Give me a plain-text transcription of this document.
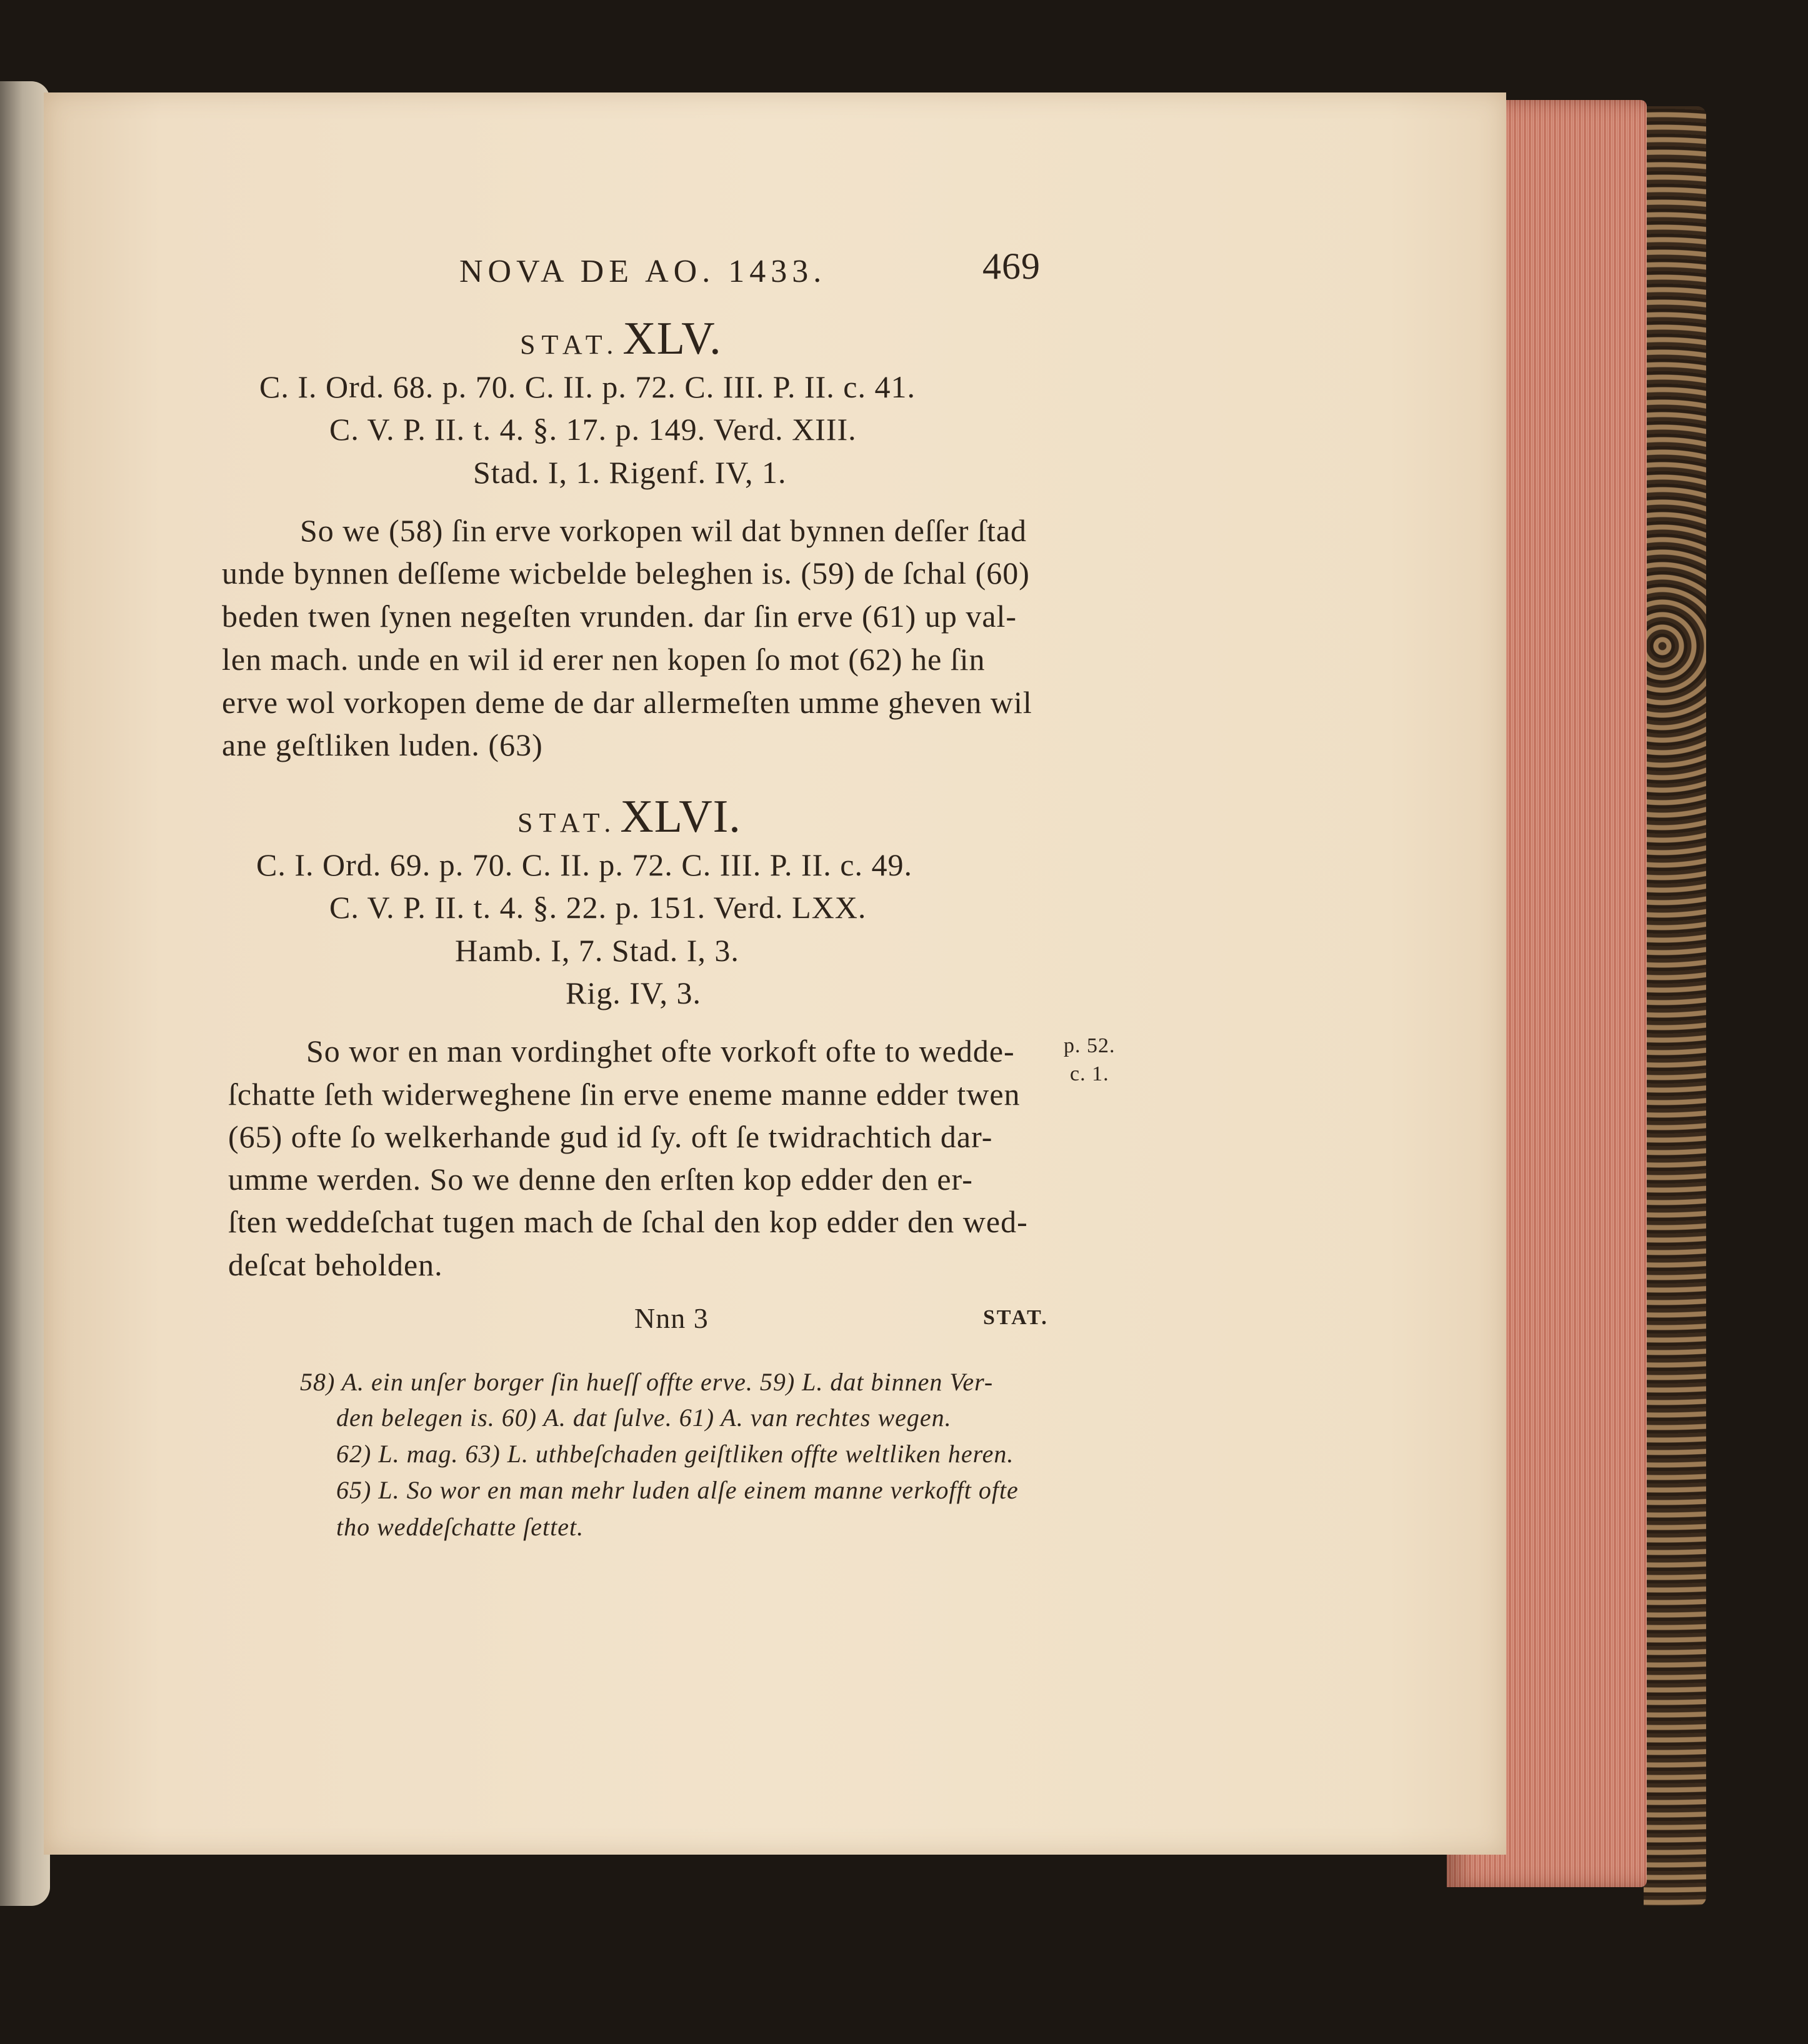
NOVA DE AO. 1433.	469
STAT. XLV.
C. I. Ord. 68. p. 70. C. II. p. 72. C. III. P. II. c. 41.
C. V. P. II. t. 4. §. 17. p. 149. Verd. XIII.
Stad. I, 1. Rigenf. IV, 1.
So we (58) ſin erve vorkopen wil dat bynnen deſſer ſtad
unde bynnen deſſeme wicbelde beleghen is. (59) de ſchal (60)
beden twen ſynen negeſten vrunden. dar ſin erve (61) up val-
len mach. unde en wil id erer nen kopen ſo mot (62) he ſin
erve wol vorkopen deme de dar allermeſten umme gheven wil
ane geſtliken luden. (63)
STAT. XLVI.
C. I. Ord. 69. p. 70. C. II. p. 72. C. III. P. II. c. 49.
C. V. P. II. t. 4. §. 22. p. 151. Verd. LXX.
Hamb. I, 7. Stad. I, 3.
Rig. IV, 3.
So wor en man vordinghet ofte vorkoft ofte to wedde-
ſchatte ſeth widerweghene ſin erve eneme manne edder twen
(65) ofte ſo welkerhande gud id ſy. oft ſe twidrachtich dar-
umme werden. So we denne den erſten kop edder den er-
ſten weddeſchat tugen mach de ſchal den kop edder den wed-
deſcat beholden.
p. 52.
c. 1.
Nnn 3	STAT.
58) A. ein unſer borger ſin hueſſ offte erve. 59) L. dat binnen Ver-
den belegen is. 60) A. dat ſulve. 61) A. van rechtes wegen.
62) L. mag. 63) L. uthbeſchaden geiſtliken offte weltliken heren.
65) L. So wor en man mehr luden alſe einem manne verkofft ofte
tho weddeſchatte ſettet.
